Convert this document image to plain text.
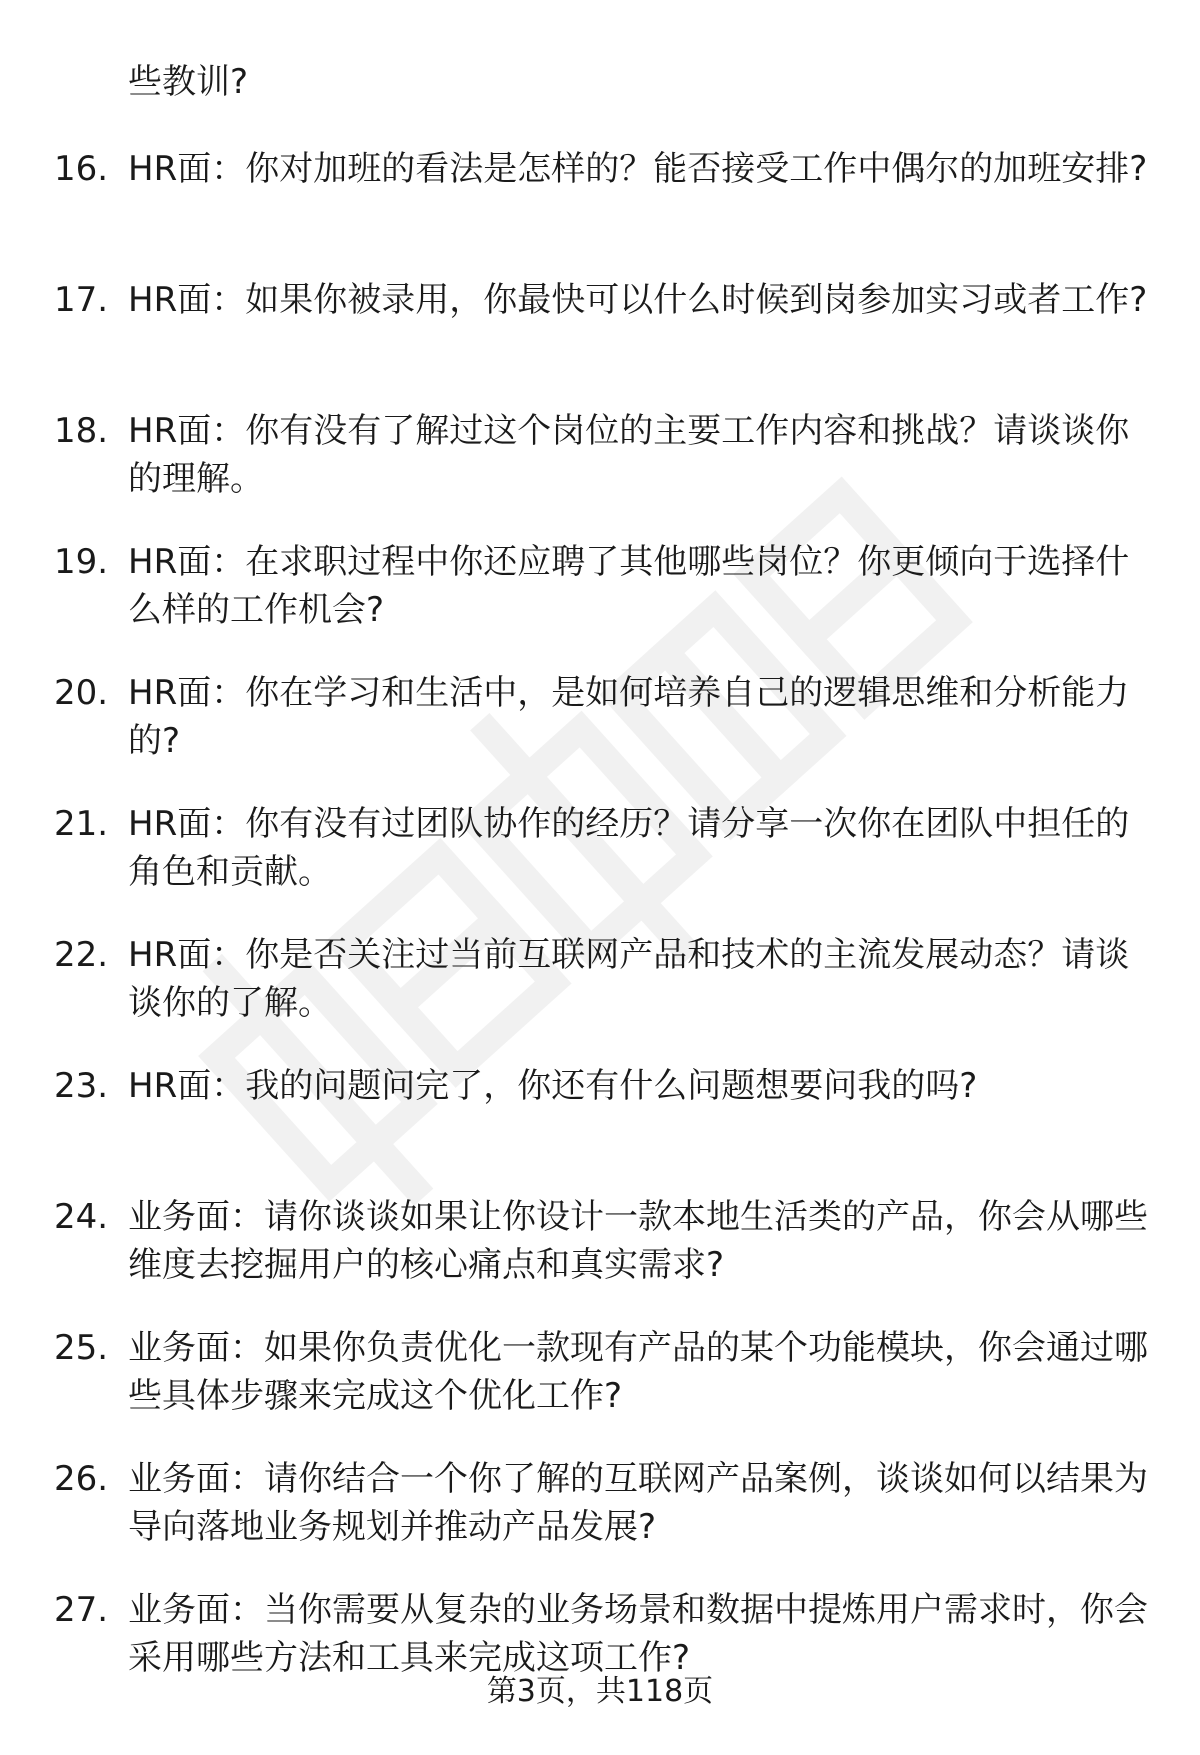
些教训?

16. HR面：你对加班的看法是怎样的？能否接受工作中偶尔的加班安排?

17. HR面：如果你被录用，你最快可以什么时候到岗参加实习或者工作?

18. HR面：你有没有了解过这个岗位的主要工作内容和挑战？请谈谈你的理解。

19. HR面：在求职过程中你还应聘了其他哪些岗位？你更倾向于选择什么样的工作机会?

20. HR面：你在学习和生活中，是如何培养自己的逻辑思维和分析能力的?

21. HR面：你有没有过团队协作的经历？请分享一次你在团队中担任的角色和贡献。

22. HR面：你是否关注过当前互联网产品和技术的主流发展动态？请谈谈你的了解。

23. HR面：我的问题问完了，你还有什么问题想要问我的吗?

24. 业务面：请你谈谈如果让你设计一款本地生活类的产品，你会从哪些维度去挖掘用户的核心痛点和真实需求?

25. 业务面：如果你负责优化一款现有产品的某个功能模块，你会通过哪些具体步骤来完成这个优化工作?

26. 业务面：请你结合一个你了解的互联网产品案例，谈谈如何以结果为导向落地业务规划并推动产品发展?

27. 业务面：当你需要从复杂的业务场景和数据中提炼用户需求时，你会采用哪些方法和工具来完成这项工作?

第3页，共118页
